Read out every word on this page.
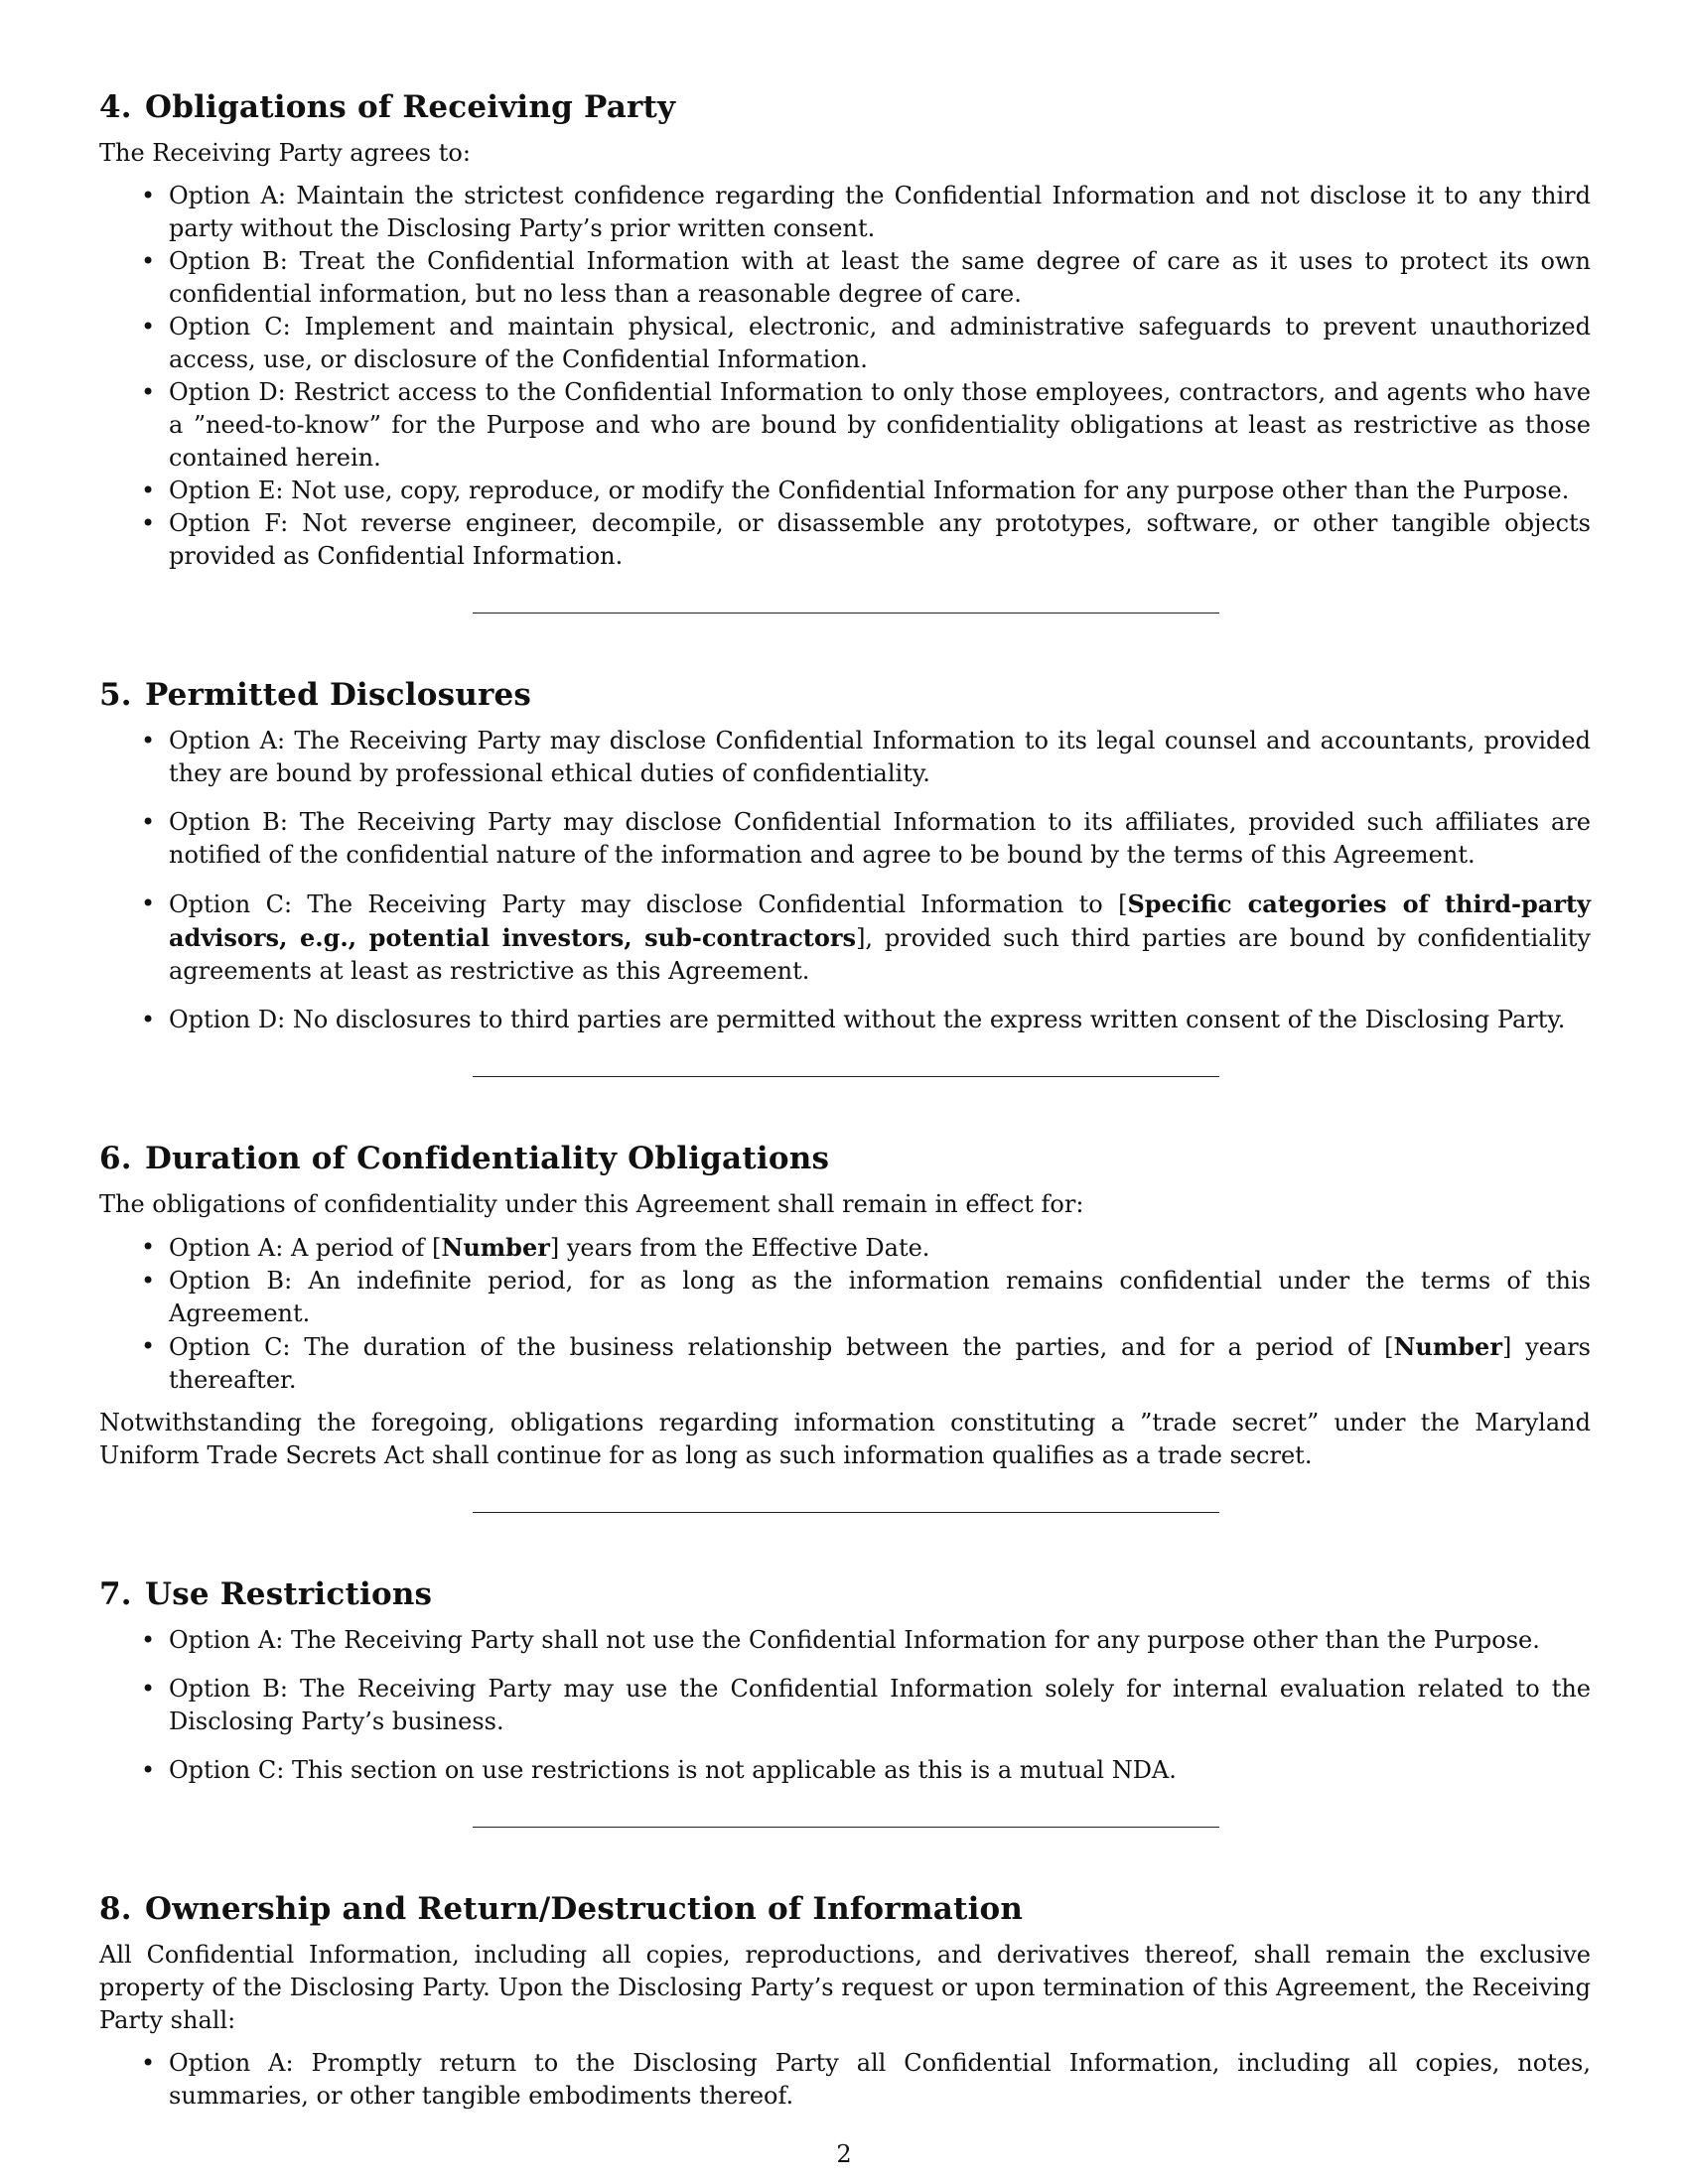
4. Obligations of Receiving Party

The Receiving Party agrees to:

• Option A: Maintain the strictest confidence regarding the Confidential Information and not disclose it to any third party without the Disclosing Party’s prior written consent.
• Option B: Treat the Confidential Information with at least the same degree of care as it uses to protect its own confidential information, but no less than a reasonable degree of care.
• Option C: Implement and maintain physical, electronic, and administrative safeguards to prevent unauthorized access, use, or disclosure of the Confidential Information.
• Option D: Restrict access to the Confidential Information to only those employees, contractors, and agents who have a ”need-to-know” for the Purpose and who are bound by confidentiality obligations at least as restrictive as those contained herein.
• Option E: Not use, copy, reproduce, or modify the Confidential Information for any purpose other than the Purpose.
• Option F: Not reverse engineer, decompile, or disassemble any prototypes, software, or other tangible objects provided as Confidential Information.
5. Permitted Disclosures
• Option A: The Receiving Party may disclose Confidential Information to its legal counsel and accountants, provided they are bound by professional ethical duties of confidentiality.
• Option B: The Receiving Party may disclose Confidential Information to its affiliates, provided such affiliates are notified of the confidential nature of the information and agree to be bound by the terms of this Agreement.
• Option C: The Receiving Party may disclose Confidential Information to [Specific categories of third-party advisors, e.g., potential investors, sub-contractors], provided such third parties are bound by confidentiality agreements at least as restrictive as this Agreement.
• Option D: No disclosures to third parties are permitted without the express written consent of the Disclosing Party.
6. Duration of Confidentiality Obligations

The obligations of confidentiality under this Agreement shall remain in effect for:

• Option A: A period of [Number] years from the Effective Date.
• Option B: An indefinite period, for as long as the information remains confidential under the terms of this Agreement.
• Option C: The duration of the business relationship between the parties, and for a period of [Number] years thereafter.

Notwithstanding the foregoing, obligations regarding information constituting a ”trade secret” under the Maryland Uniform Trade Secrets Act shall continue for as long as such information qualifies as a trade secret.

7. Use Restrictions
• Option A: The Receiving Party shall not use the Confidential Information for any purpose other than the Purpose.
• Option B: The Receiving Party may use the Confidential Information solely for internal evaluation related to the Disclosing Party’s business.
• Option C: This section on use restrictions is not applicable as this is a mutual NDA.
8. Ownership and Return/Destruction of Information

All Confidential Information, including all copies, reproductions, and derivatives thereof, shall remain the exclusive property of the Disclosing Party. Upon the Disclosing Party’s request or upon termination of this Agreement, the Receiving Party shall:

• Option A: Promptly return to the Disclosing Party all Confidential Information, including all copies, notes, summaries, or other tangible embodiments thereof.
2
